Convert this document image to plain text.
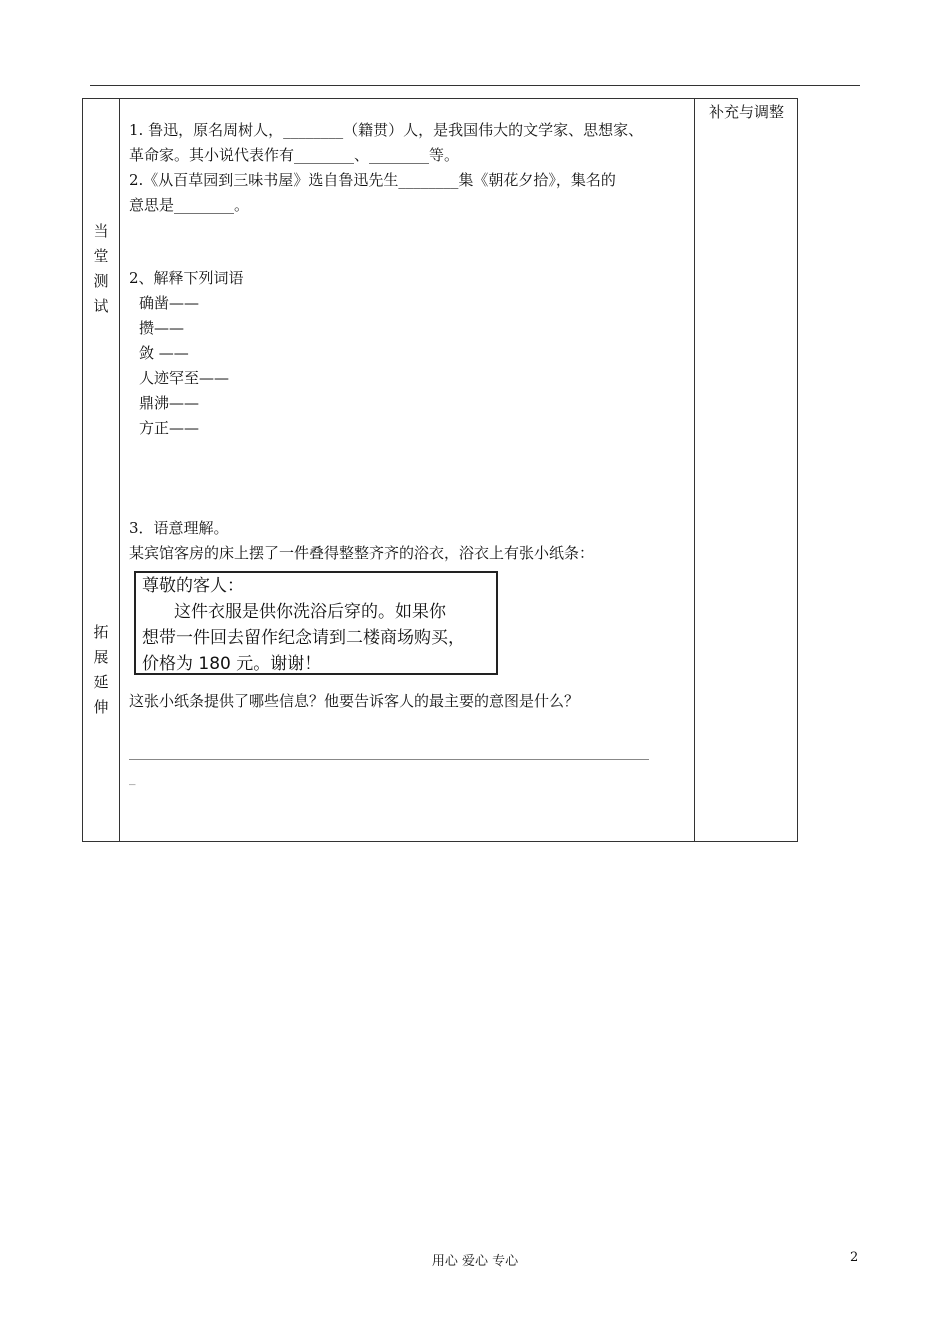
当
堂
测
试
拓
展
延
伸
补充与调整
1. 鲁迅，原名周树人，________（籍贯）人，是我国伟大的文学家、思想家、
革命家。其小说代表作有________、________等。
2.《从百草园到三味书屋》选自鲁迅先生________集《朝花夕拾》，集名的
意思是________。
2、解释下列词语
确凿——
攒——
敛 ——
人迹罕至——
鼎沸——
方正——
3．语意理解。
某宾馆客房的床上摆了一件叠得整整齐齐的浴衣，浴衣上有张小纸条：
尊敬的客人：
这件衣服是供你洗浴后穿的。如果你
想带一件回去留作纪念请到二楼商场购买，
价格为 180 元。谢谢！
这张小纸条提供了哪些信息？他要告诉客人的最主要的意图是什么？
_
用心 爱心 专心	2
